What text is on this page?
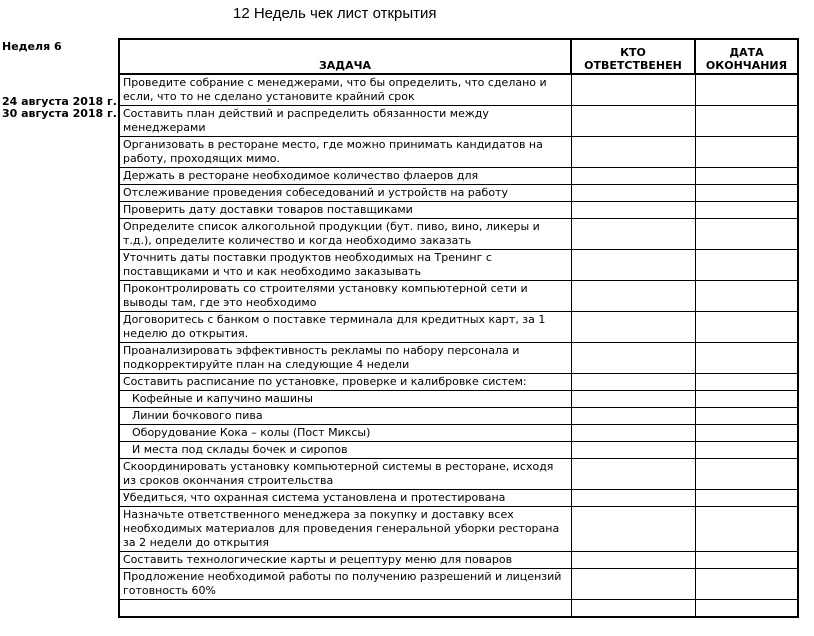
12 Недель чек лист открытия
Неделя 6
24 августа 2018 г.
30 августа 2018 г.
ЗАДАЧА	КТО ОТВЕТСТВЕНЕН	ДАТА ОКОНЧАНИЯ
Проведите собрание с менеджерами, что бы определить, что сделано и если, что то не сделано установите крайний срок		
Составить план действий и распределить обязанности между менеджерами		
Организовать в ресторане место, где можно принимать кандидатов на работу, проходящих мимо.		
Держать в ресторане необходимое количество флаеров для		
Отслеживание проведения собеседований и устройств на работу		
Проверить дату доставки товаров поставщиками		
Определите список алкогольной продукции (бут. пиво, вино, ликеры и т.д.), определите количество и когда необходимо заказать		
Уточнить даты поставки продуктов необходимых на Тренинг с поставщиками и что и как необходимо заказывать		
Проконтролировать со строителями установку компьютерной сети и выводы там, где это необходимо		
Договоритесь с банком о поставке терминала для кредитных карт, за 1 неделю до открытия.		
Проанализировать эффективность рекламы по набору персонала и подкорректируйте план на следующие 4 недели		
Составить расписание по установке, проверке и калибровке систем:		
Кофейные и капучино машины		
Линии бочкового пива		
Оборудование Кока – колы (Пост Миксы)		
И места под склады бочек и сиропов		
Скоординировать установку компьютерной системы в ресторане, исходя из сроков окончания строительства		
Убедиться, что охранная система установлена и протестирована		
Назначьте ответственного менеджера за покупку и доставку всех необходимых материалов для проведения генеральной уборки ресторана за 2 недели до открытия		
Составить технологические карты и рецептуру меню для поваров		
Продложение необходимой работы по получению разрешений и лицензий готовность 60%		
